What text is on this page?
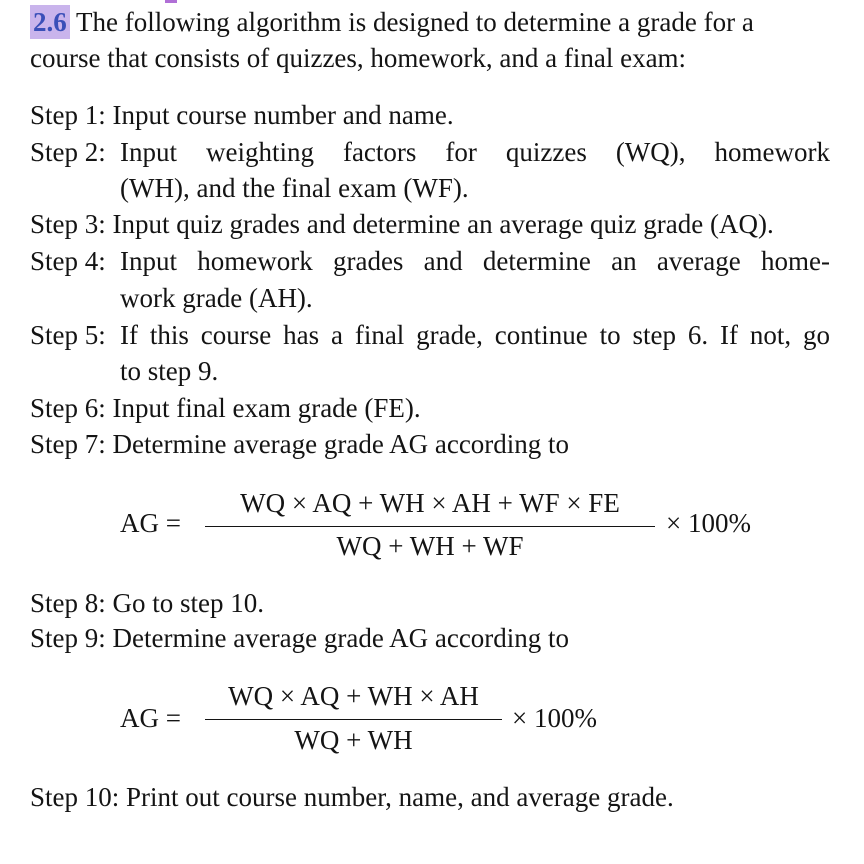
2.6 The following algorithm is designed to determine a grade for a
course that consists of quizzes, homework, and a final exam:
Step 1: Input course number and name.
Step 2: Input weighting factors for quizzes (WQ), homework
(WH), and the final exam (WF).
Step 3: Input quiz grades and determine an average quiz grade (AQ).
Step 4: Input homework grades and determine an average home-
work grade (AH).
Step 5: If this course has a final grade, continue to step 6. If not, go
to step 9.
Step 6: Input final exam grade (FE).
Step 7: Determine average grade AG according to
AG =
WQ × AQ + WH × AH + WF × FE
WQ + WH + WF
× 100%
Step 8: Go to step 10.
Step 9: Determine average grade AG according to
AG =
WQ × AQ + WH × AH
WQ + WH
× 100%
Step 10: Print out course number, name, and average grade.
